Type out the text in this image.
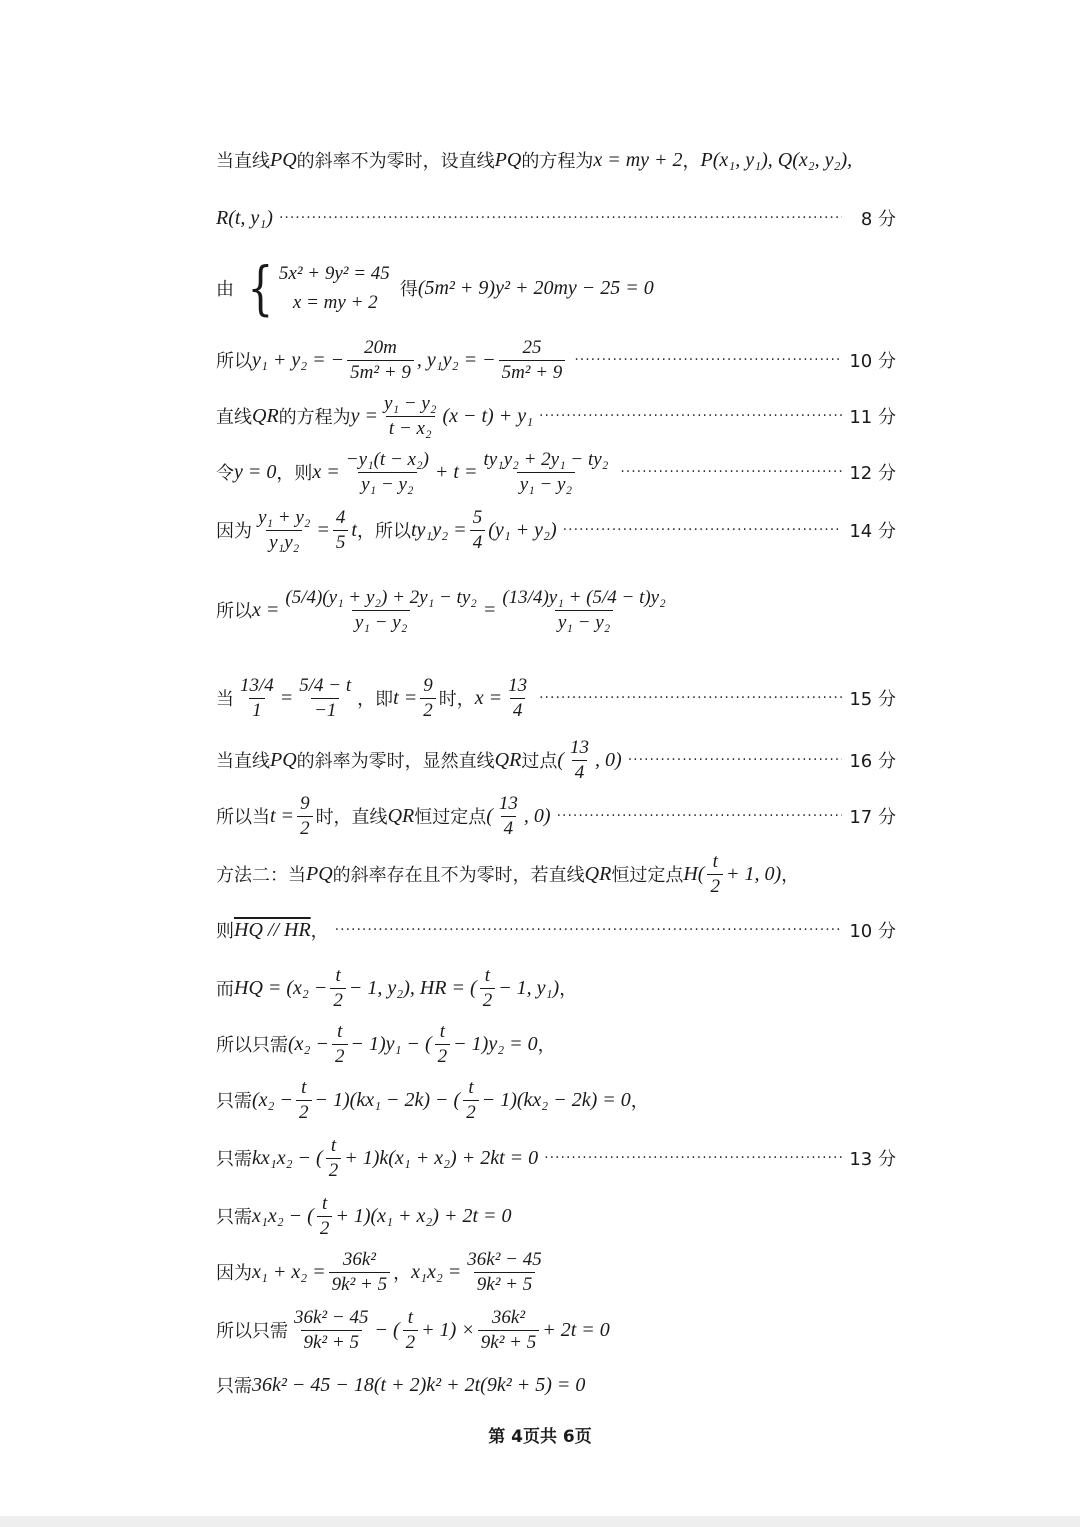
当直线 PQ 的斜率不为零时，设直线 PQ 的方程为 x = my + 2 ， P(x₁, y₁), Q(x₂, y₂),
R(t, y₁) ·····	8 分
由 { 5x² + 9y² = 45
x = my + 2
得 (5m² + 9)y² + 20my − 25 = 0
所以 y₁ + y₂ = − $\frac{20m}{\text{5m² + 9}}$ , y₁y₂ = − $\frac{25}{\text{5m² + 9}}$ ·····	10 分
直线 QR 的方程为 $y = \frac{\text{y₁ − y₂}}{\text{t − x₂}} (x - t) + y_1$ ·····	11 分
令 y = 0 ，则 $x = \frac{\text{−y₁(t − x₂)}}{\text{y₁ − y₂}} + t = \frac{\text{ty₁y₂ + 2y₁ − ty₂}}{\text{y₁ − y₂}}$ ·····	12 分
因为 $\frac{\text{y₁ + y₂}}{\text{y₁y₂}} = \frac{4}{5}$ t ，所以 $ty_1y_2 = \frac{5}{4} (y_1 + y_2)$ ·····	14 分
所以 $x = \frac{\text{(5/4)(y₁ + y₂) + 2y₁ − ty₂}}{\text{y₁ − y₂}} = \frac{\text{(13/4)y₁ + (5/4 − t)y₂}}{\text{y₁ − y₂}}$
当 $\frac{13/4}{1} = \frac{5/4 - t}{-1}$ ，即 $t = \frac{9}{2}$ 时， $x = \frac{13}{4}$ ·····	15 分
当直线 PQ 的斜率为零时，显然直线 QR 过点 ( $\frac{13}{4}$ , 0) ·····	16 分
所以当 $t = \frac{9}{2}$ 时，直线 QR 恒过定点 ( $\frac{13}{4}$ , 0) ·····	17 分
方法二：当 PQ 的斜率存在且不为零时，若直线 QR 恒过定点 $H( \frac{t}{2} + 1$, 0) ，
则 HQ // HR ， ·····	10 分
而 HQ = ($x_2 - \frac{t}{2} - 1$, y₂), HR = ( $\frac{t}{2} - 1$, y₁) ，
所以只需 $(x_2 - \frac{t}{2} - 1)y_1$ − ( $\frac{t}{2} - 1)y_2 = 0$ ，
只需 $(x_2 - \frac{t}{2} - 1)(kx_1 - 2k)$ − ( $\frac{t}{2} - 1)(kx_2 - 2k) = 0$ ，
只需 kx₁x₂ − ( $\frac{t}{2} + 1)k(x_1 + x_2) + 2kt = 0$ ·····	13 分
只需 x₁x₂ − ( $\frac{t}{2} + 1)(x_1 + x_2) + 2t = 0$
因为 $x_1 + x_2 = \frac{\text{36k²}}{\text{9k² + 5}}$ ， $x_1x_2 = \frac{\text{36k² − 45}}{\text{9k² + 5}}$
所以只需 $\frac{\text{36k² − 45}}{\text{9k² + 5}}$ − ( $\frac{t}{2} + 1) \times \frac{\text{36k²}}{\text{9k² + 5}} + 2t = 0$
只需 36k² − 45 − 18(t + 2)k² + 2t(9k² + 5) = 0
第 4页共 6页
